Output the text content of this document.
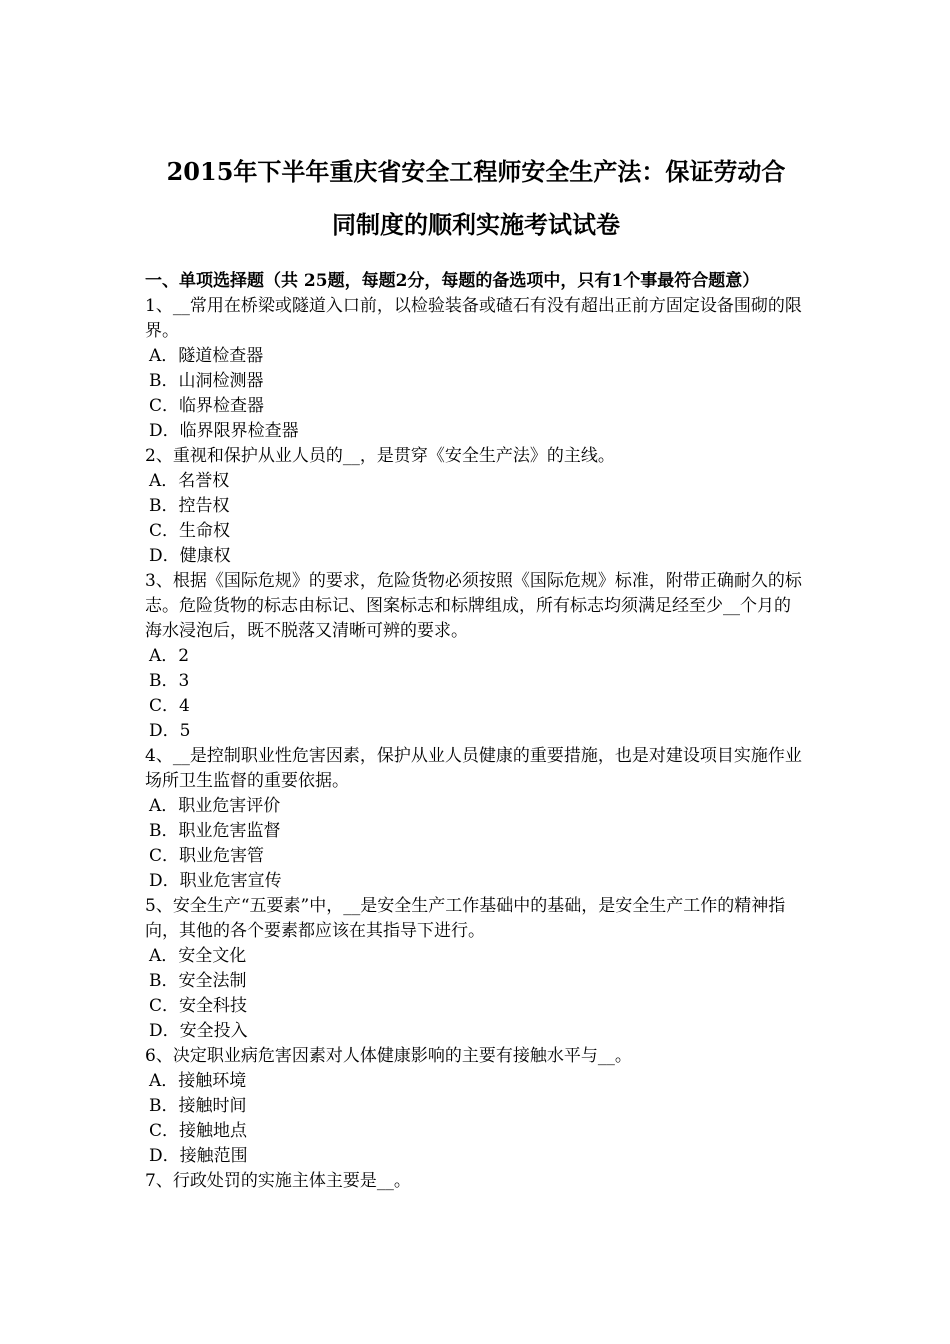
2015年下半年重庆省安全工程师安全生产法：保证劳动合
同制度的顺利实施考试试卷
一、单项选择题（共 25题，每题2分，每题的备选项中，只有1个事最符合题意）

1、__常用在桥梁或隧道入口前，以检验装备或碴石有没有超出正前方固定设备围砌的限界。

A．隧道检查器
B．山洞检测器
C．临界检查器
D．临界限界检查器

2、重视和保护从业人员的__，是贯穿《安全生产法》的主线。

A．名誉权
B．控告权
C．生命权
D．健康权

3、根据《国际危规》的要求，危险货物必须按照《国际危规》标准，附带正确耐久的标志。危险货物的标志由标记、图案标志和标牌组成，所有标志均须满足经至少__个月的海水浸泡后，既不脱落又清晰可辨的要求。

A．2
B．3
C．4
D．5

4、__是控制职业性危害因素，保护从业人员健康的重要措施，也是对建设项目实施作业场所卫生监督的重要依据。

A．职业危害评价
B．职业危害监督
C．职业危害管
D．职业危害宣传

5、安全生产“五要素”中，__是安全生产工作基础中的基础，是安全生产工作的精神指向，其他的各个要素都应该在其指导下进行。

A．安全文化
B．安全法制
C．安全科技
D．安全投入

6、决定职业病危害因素对人体健康影响的主要有接触水平与__。

A．接触环境
B．接触时间
C．接触地点
D．接触范围

7、行政处罚的实施主体主要是__。
